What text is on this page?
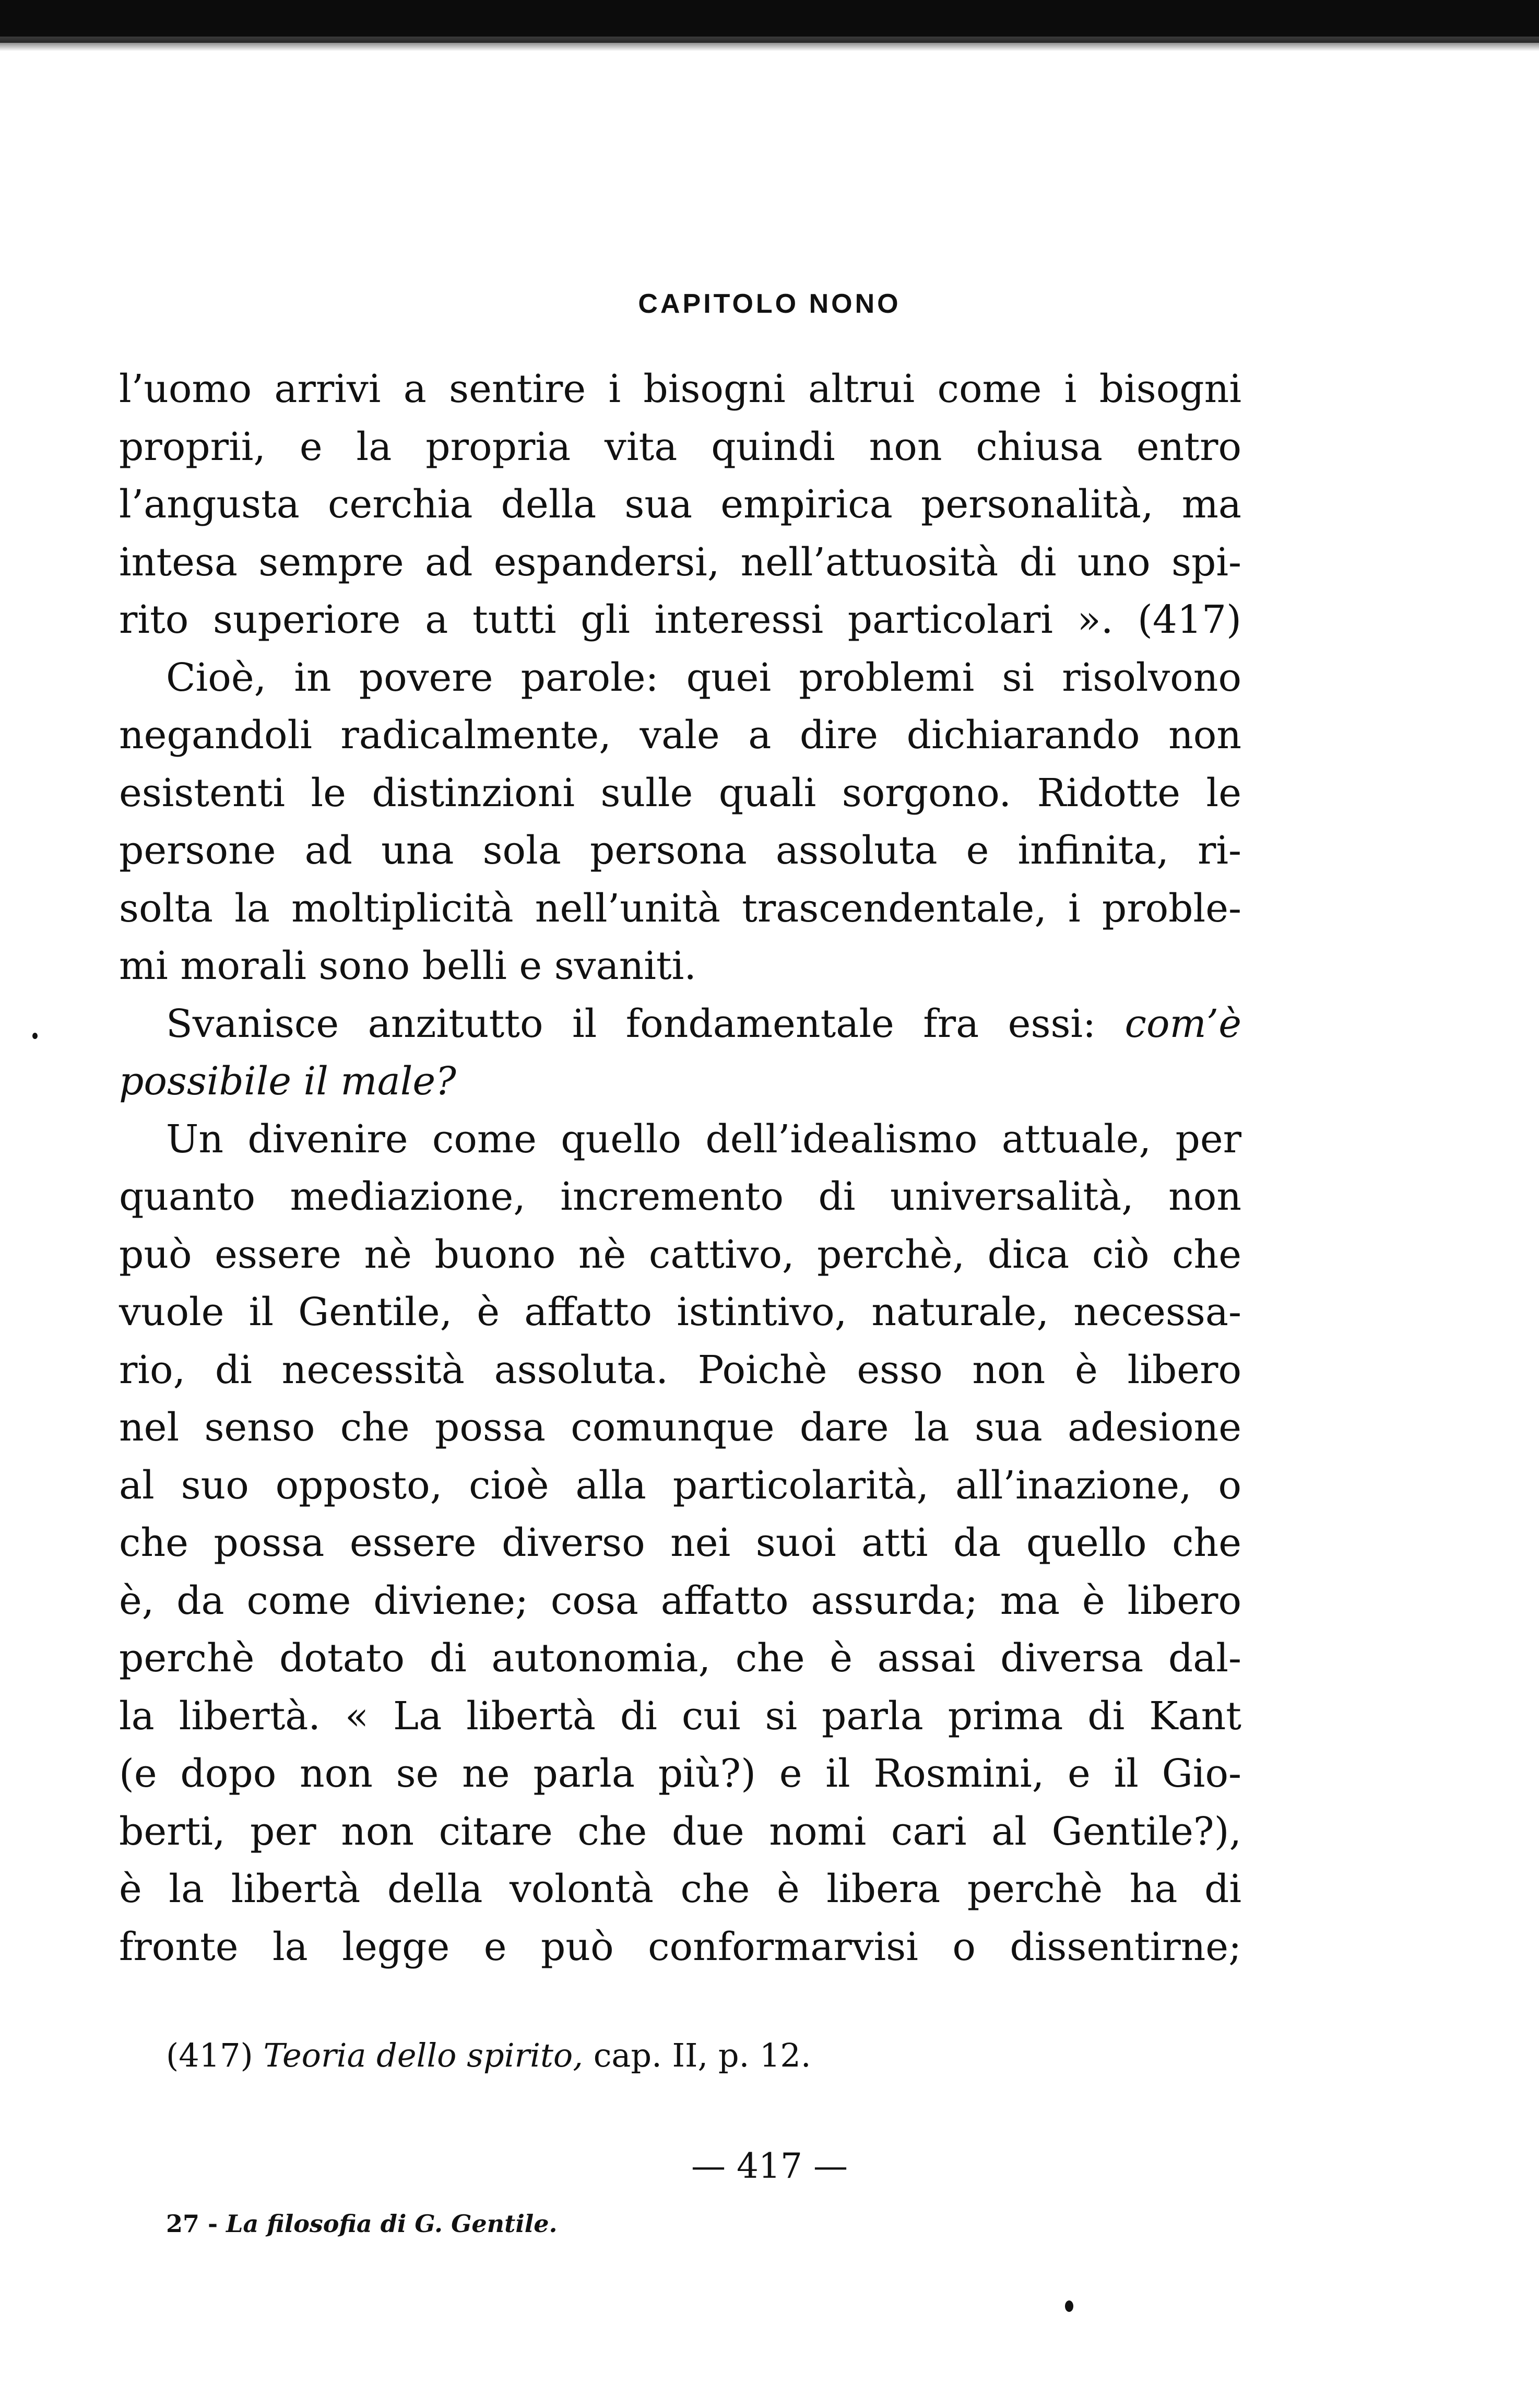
CAPITOLO NONO
l’uomo arrivi a sentire i bisogni altrui come i bisogni
proprii, e la propria vita quindi non chiusa entro
l’angusta cerchia della sua empirica personalità, ma
intesa sempre ad espandersi, nell’attuosità di uno spi-
rito superiore a tutti gli interessi particolari ». (417)
Cioè, in povere parole: quei problemi si risolvono
negandoli radicalmente, vale a dire dichiarando non
esistenti le distinzioni sulle quali sorgono. Ridotte le
persone ad una sola persona assoluta e infinita, ri-
solta la moltiplicità nell’unità trascendentale, i proble-
mi morali sono belli e svaniti.
Svanisce anzitutto il fondamentale fra essi: com’è
possibile il male?
Un divenire come quello dell’idealismo attuale, per
quanto mediazione, incremento di universalità, non
può essere nè buono nè cattivo, perchè, dica ciò che
vuole il Gentile, è affatto istintivo, naturale, necessa-
rio, di necessità assoluta. Poichè esso non è libero
nel senso che possa comunque dare la sua adesione
al suo opposto, cioè alla particolarità, all’inazione, o
che possa essere diverso nei suoi atti da quello che
è, da come diviene; cosa affatto assurda; ma è libero
perchè dotato di autonomia, che è assai diversa dal-
la libertà. « La libertà di cui si parla prima di Kant
(e dopo non se ne parla più?) e il Rosmini, e il Gio-
berti, per non citare che due nomi cari al Gentile?),
è la libertà della volontà che è libera perchè ha di
fronte la legge e può conformarvisi o dissentirne;
(417) Teoria dello spirito, cap. II, p. 12.
— 417 —
27 - La filosofia di G. Gentile.
